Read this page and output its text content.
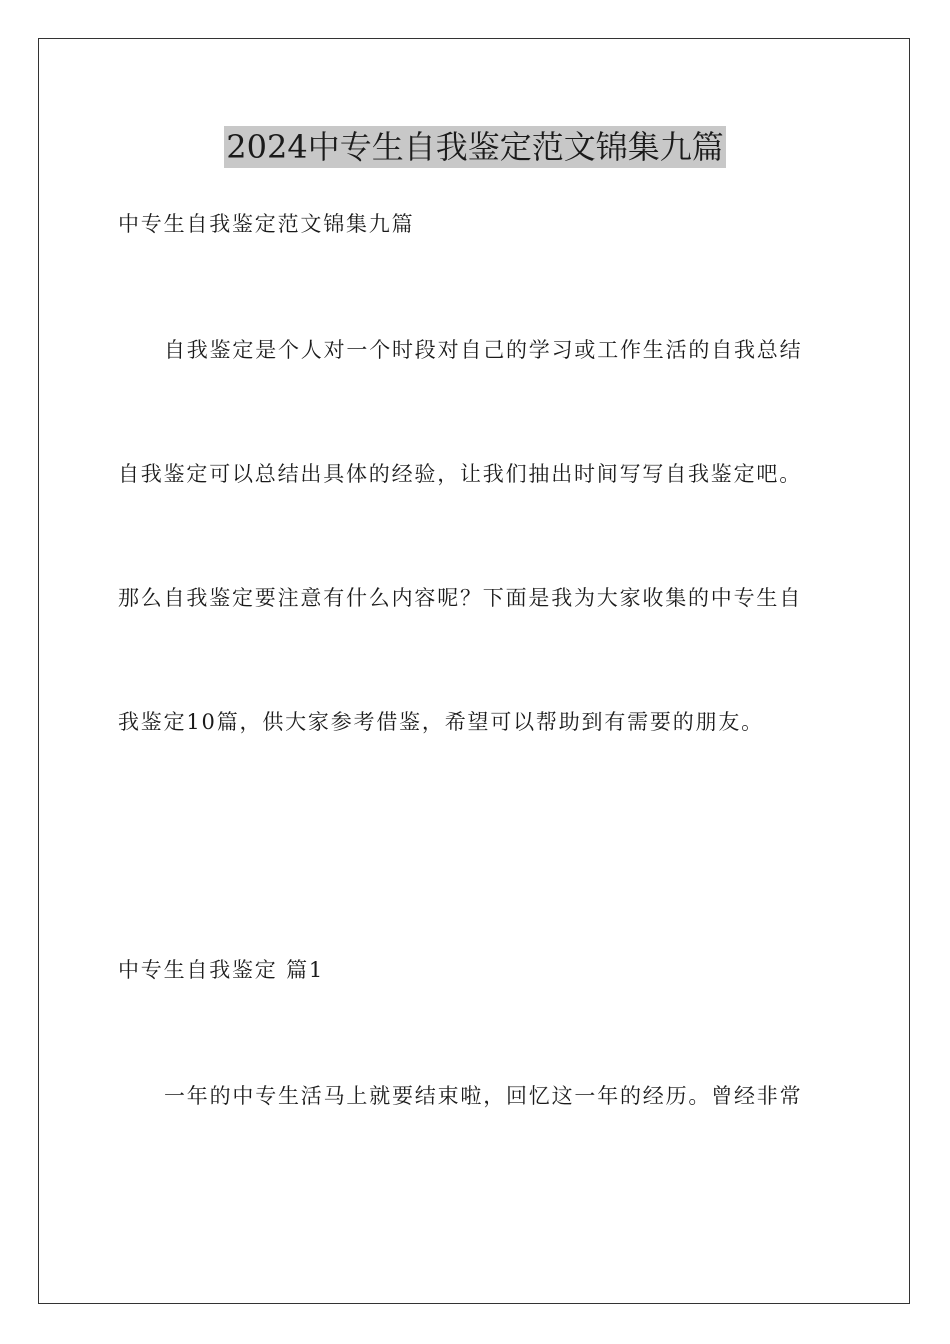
2024中专生自我鉴定范文锦集九篇
中专生自我鉴定范文锦集九篇
自我鉴定是个人对一个时段对自己的学习或工作生活的自我总结
自我鉴定可以总结出具体的经验，让我们抽出时间写写自我鉴定吧。
那么自我鉴定要注意有什么内容呢？下面是我为大家收集的中专生自
我鉴定10篇，供大家参考借鉴，希望可以帮助到有需要的朋友。
中专生自我鉴定 篇1
一年的中专生活马上就要结束啦，回忆这一年的经历。曾经非常
